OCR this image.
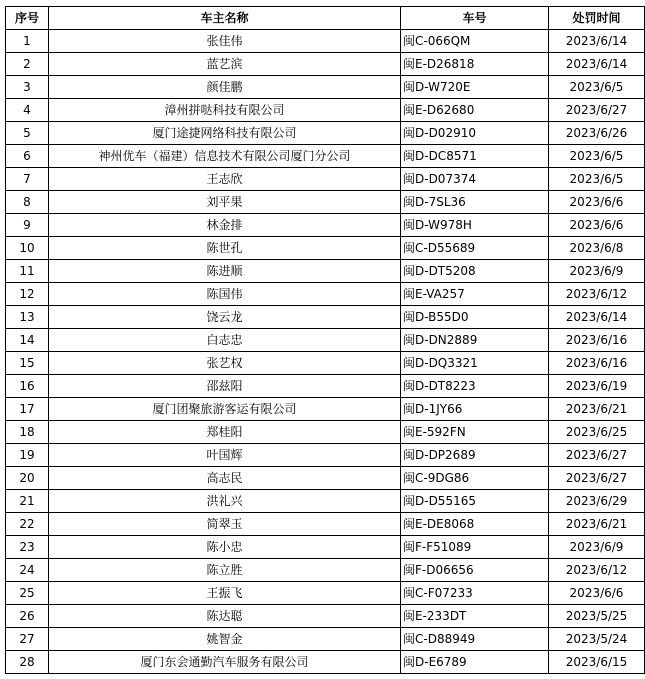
序号	车主名称	车号	处罚时间
1	张佳伟	闽C-066QM	2023/6/14
2	蓝艺滨	闽E-D26818	2023/6/14
3	颜佳鹏	闽D-W720E	2023/6/5
4	漳州拼哒科技有限公司	闽E-D62680	2023/6/27
5	厦门途捷网络科技有限公司	闽D-D02910	2023/6/26
6	神州优车（福建）信息技术有限公司厦门分公司	闽D-DC8571	2023/6/5
7	王志欣	闽D-D07374	2023/6/5
8	刘平果	闽D-7SL36	2023/6/6
9	林金排	闽D-W978H	2023/6/6
10	陈世孔	闽C-D55689	2023/6/8
11	陈进顺	闽D-DT5208	2023/6/9
12	陈国伟	闽E-VA257	2023/6/12
13	饶云龙	闽D-B55D0	2023/6/14
14	白志忠	闽D-DN2889	2023/6/16
15	张艺权	闽D-DQ3321	2023/6/16
16	邵兹阳	闽D-DT8223	2023/6/19
17	厦门团聚旅游客运有限公司	闽D-1JY66	2023/6/21
18	郑桂阳	闽E-592FN	2023/6/25
19	叶国辉	闽D-DP2689	2023/6/27
20	高志民	闽C-9DG86	2023/6/27
21	洪礼兴	闽D-D55165	2023/6/29
22	简翠玉	闽E-DE8068	2023/6/21
23	陈小忠	闽F-F51089	2023/6/9
24	陈立胜	闽F-D06656	2023/6/12
25	王振飞	闽C-F07233	2023/6/6
26	陈达聪	闽E-233DT	2023/5/25
27	姚智金	闽C-D88949	2023/5/24
28	厦门东会通勤汽车服务有限公司	闽D-E6789	2023/6/15
